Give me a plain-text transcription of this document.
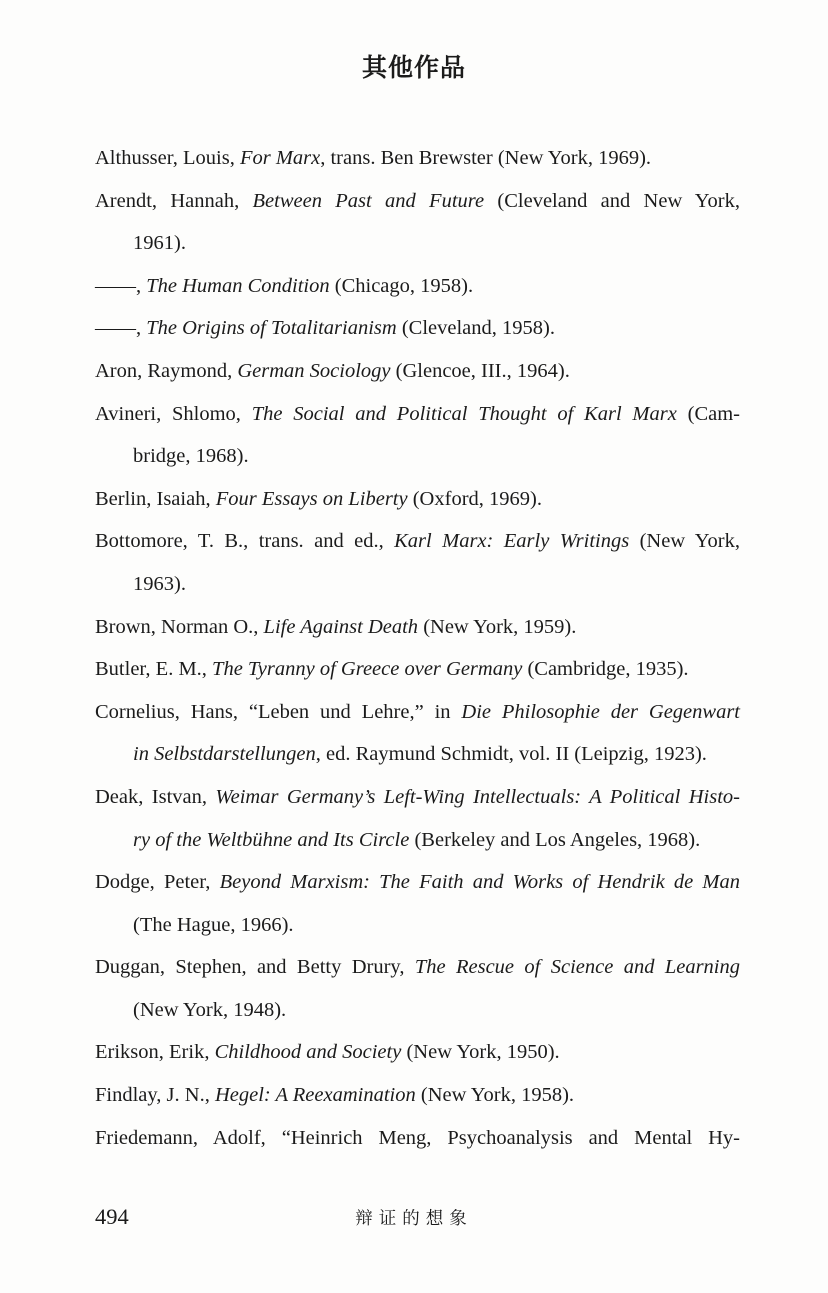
其他作品
Althusser, Louis, For Marx, trans. Ben Brewster (New York, 1969).
Arendt, Hannah, Between Past and Future (Cleveland and New York,
1961).
——, The Human Condition (Chicago, 1958).
——, The Origins of Totalitarianism (Cleveland, 1958).
Aron, Raymond, German Sociology (Glencoe, III., 1964).
Avineri, Shlomo, The Social and Political Thought of Karl Marx (Cam-
bridge, 1968).
Berlin, Isaiah, Four Essays on Liberty (Oxford, 1969).
Bottomore, T. B., trans. and ed., Karl Marx: Early Writings (New York,
1963).
Brown, Norman O., Life Against Death (New York, 1959).
Butler, E. M., The Tyranny of Greece over Germany (Cambridge, 1935).
Cornelius, Hans, “Leben und Lehre,” in Die Philosophie der Gegenwart
in Selbstdarstellungen, ed. Raymund Schmidt, vol. II (Leipzig, 1923).
Deak, Istvan, Weimar Germany’s Left-Wing Intellectuals: A Political Histo-
ry of the Weltbühne and Its Circle (Berkeley and Los Angeles, 1968).
Dodge, Peter, Beyond Marxism: The Faith and Works of Hendrik de Man
(The Hague, 1966).
Duggan, Stephen, and Betty Drury, The Rescue of Science and Learning
(New York, 1948).
Erikson, Erik, Childhood and Society (New York, 1950).
Findlay, J. N., Hegel: A Reexamination (New York, 1958).
Friedemann, Adolf, “Heinrich Meng, Psychoanalysis and Mental Hy-
494	辩证的想象
